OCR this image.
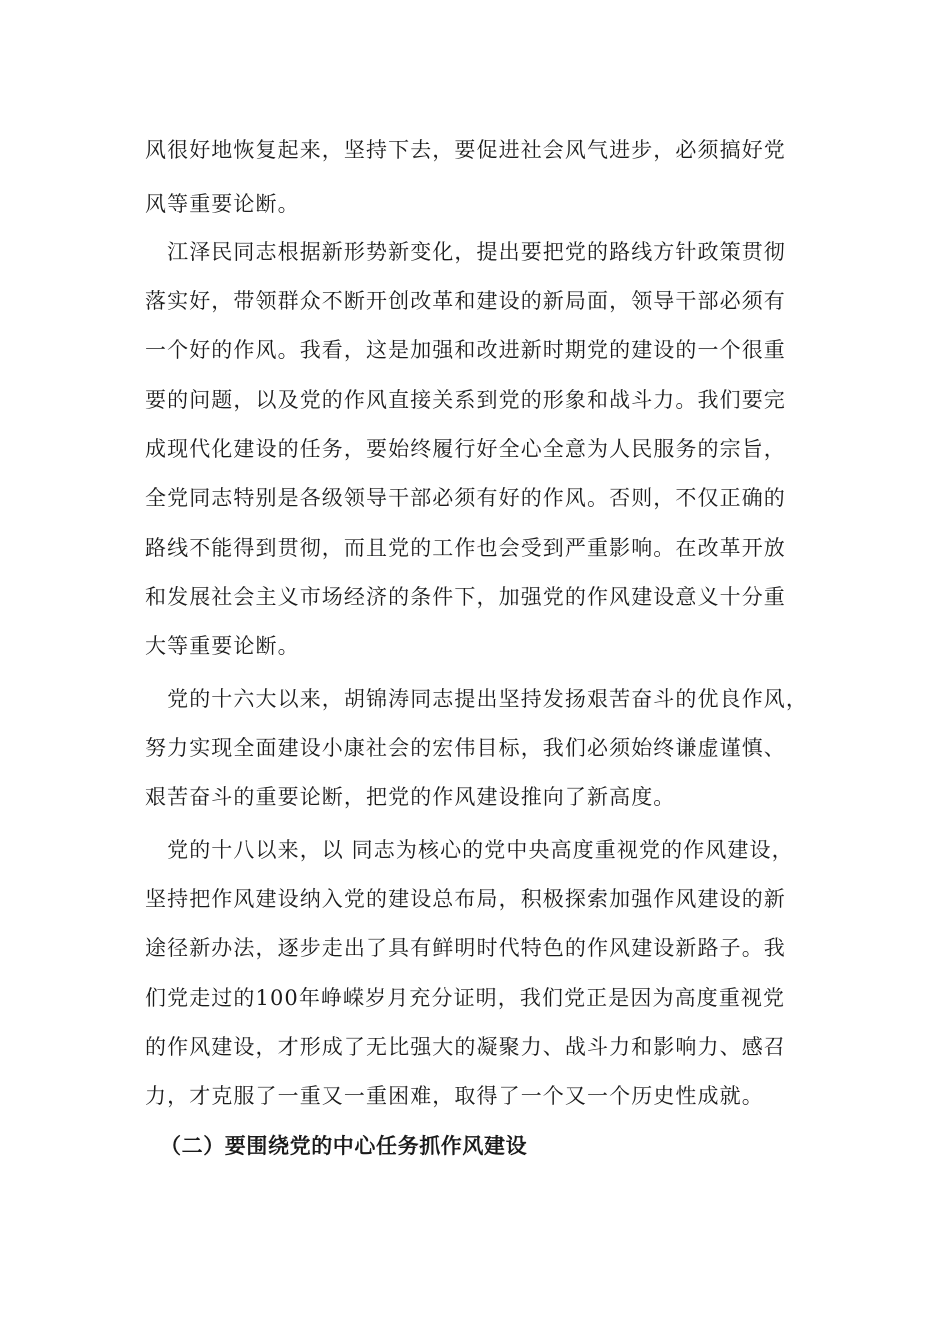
风很好地恢复起来，坚持下去，要促进社会风气进步，必须搞好党
风等重要论断。
　江泽民同志根据新形势新变化，提出要把党的路线方针政策贯彻
落实好，带领群众不断开创改革和建设的新局面，领导干部必须有
一个好的作风。我看，这是加强和改进新时期党的建设的一个很重
要的问题，以及党的作风直接关系到党的形象和战斗力。我们要完
成现代化建设的任务，要始终履行好全心全意为人民服务的宗旨，
全党同志特别是各级领导干部必须有好的作风。否则，不仅正确的
路线不能得到贯彻，而且党的工作也会受到严重影响。在改革开放
和发展社会主义市场经济的条件下，加强党的作风建设意义十分重
大等重要论断。
　党的十六大以来，胡锦涛同志提出坚持发扬艰苦奋斗的优良作风，
努力实现全面建设小康社会的宏伟目标，我们必须始终谦虚谨慎、
艰苦奋斗的重要论断，把党的作风建设推向了新高度。
　党的十八以来，以 同志为核心的党中央高度重视党的作风建设，
坚持把作风建设纳入党的建设总布局，积极探索加强作风建设的新
途径新办法，逐步走出了具有鲜明时代特色的作风建设新路子。我
们党走过的100年峥嵘岁月充分证明，我们党正是因为高度重视党
的作风建设，才形成了无比强大的凝聚力、战斗力和影响力、感召
力，才克服了一重又一重困难，取得了一个又一个历史性成就。
（二）要围绕党的中心任务抓作风建设
